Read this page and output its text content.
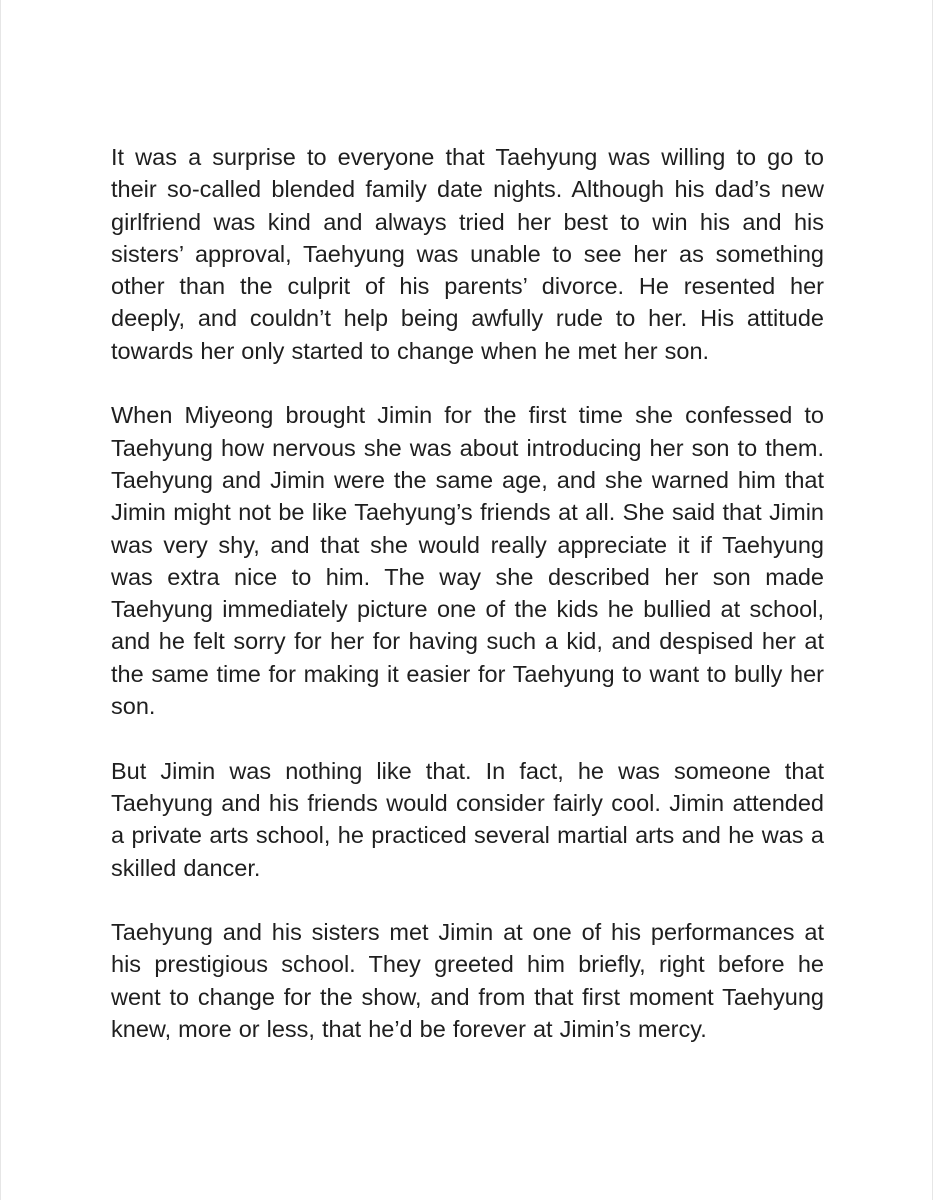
It was a surprise to everyone that Taehyung was willing to go to their so-called blended family date nights. Although his dad’s new girlfriend was kind and always tried her best to win his and his sisters’ approval, Taehyung was unable to see her as something other than the culprit of his parents’ divorce. He resented her deeply, and couldn’t help being awfully rude to her. His attitude towards her only started to change when he met her son.

When Miyeong brought Jimin for the first time she confessed to Taehyung how nervous she was about introducing her son to them. Taehyung and Jimin were the same age, and she warned him that Jimin might not be like Taehyung’s friends at all. She said that Jimin was very shy, and that she would really appreciate it if Taehyung was extra nice to him. The way she described her son made Taehyung immediately picture one of the kids he bullied at school, and he felt sorry for her for having such a kid, and despised her at the same time for making it easier for Taehyung to want to bully her son.

But Jimin was nothing like that. In fact, he was someone that Taehyung and his friends would consider fairly cool. Jimin attended a private arts school, he practiced several martial arts and he was a skilled dancer.

Taehyung and his sisters met Jimin at one of his performances at his prestigious school. They greeted him briefly, right before he went to change for the show, and from that first moment Taehyung knew, more or less, that he’d be forever at Jimin’s mercy.
